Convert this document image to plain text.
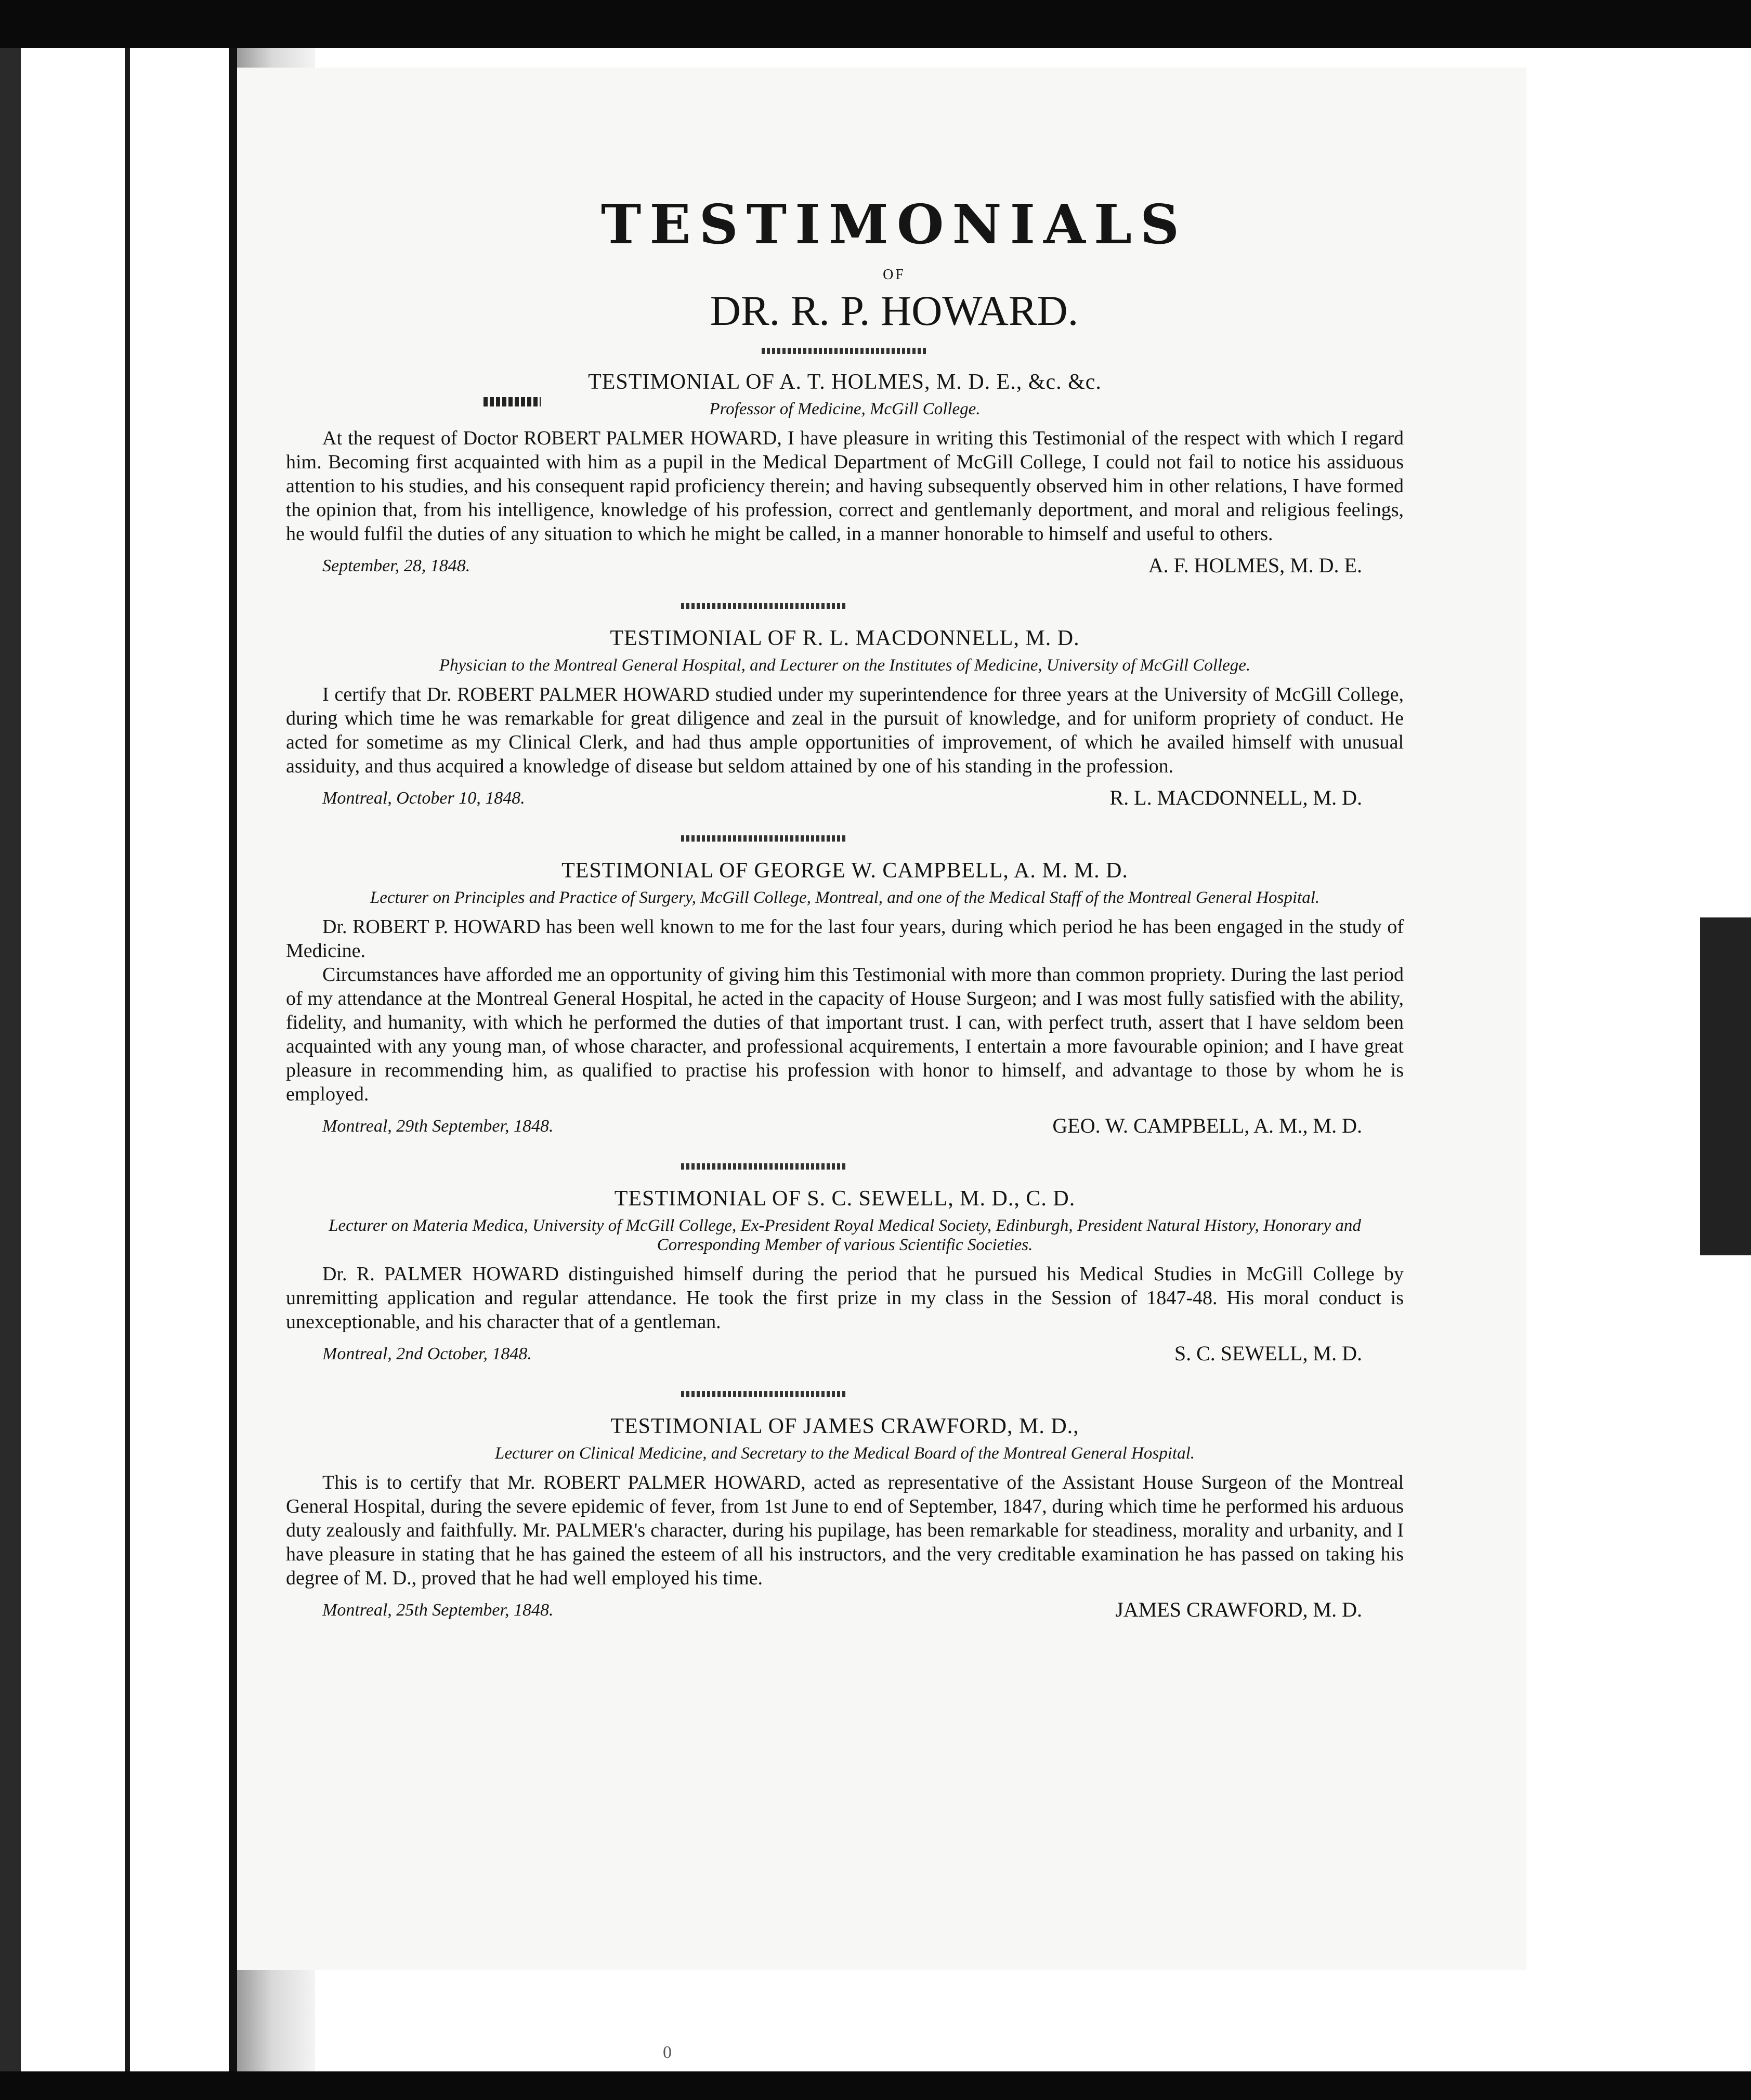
TESTIMONIALS
OF
DR. R. P. HOWARD.
TESTIMONIAL OF A. T. HOLMES, M. D. E., &c. &c.
Professor of Medicine, McGill College.

At the request of Doctor ROBERT PALMER HOWARD, I have pleasure in writing this Testimonial of the respect with which I regard him. Becoming first acquainted with him as a pupil in the Medical Department of McGill College, I could not fail to notice his assiduous attention to his studies, and his consequent rapid proficiency therein; and having subsequently observed him in other relations, I have formed the opinion that, from his intelligence, knowledge of his profession, correct and gentlemanly deportment, and moral and religious feelings, he would fulfil the duties of any situation to which he might be called, in a manner honorable to himself and useful to others.

September, 28, 1848.	A. F. HOLMES, M. D. E.
TESTIMONIAL OF R. L. MACDONNELL, M. D.
Physician to the Montreal General Hospital, and Lecturer on the Institutes of Medicine, University of McGill College.

I certify that Dr. ROBERT PALMER HOWARD studied under my superintendence for three years at the University of McGill College, during which time he was remarkable for great diligence and zeal in the pursuit of knowledge, and for uniform propriety of conduct. He acted for sometime as my Clinical Clerk, and had thus ample opportunities of improvement, of which he availed himself with unusual assiduity, and thus acquired a knowledge of disease but seldom attained by one of his standing in the profession.

Montreal, October 10, 1848.	R. L. MACDONNELL, M. D.
TESTIMONIAL OF GEORGE W. CAMPBELL, A. M. M. D.
Lecturer on Principles and Practice of Surgery, McGill College, Montreal, and one of the Medical Staff of the Montreal General Hospital.

Dr. ROBERT P. HOWARD has been well known to me for the last four years, during which period he has been engaged in the study of Medicine.

Circumstances have afforded me an opportunity of giving him this Testimonial with more than common propriety. During the last period of my attendance at the Montreal General Hospital, he acted in the capacity of House Surgeon; and I was most fully satisfied with the ability, fidelity, and humanity, with which he performed the duties of that important trust. I can, with perfect truth, assert that I have seldom been acquainted with any young man, of whose character, and professional acquirements, I entertain a more favourable opinion; and I have great pleasure in recommending him, as qualified to practise his profession with honor to himself, and advantage to those by whom he is employed.

Montreal, 29th September, 1848.	GEO. W. CAMPBELL, A. M., M. D.
TESTIMONIAL OF S. C. SEWELL, M. D., C. D.
Lecturer on Materia Medica, University of McGill College, Ex-President Royal Medical Society, Edinburgh, President Natural History, Honorary and Corresponding Member of various Scientific Societies.

Dr. R. PALMER HOWARD distinguished himself during the period that he pursued his Medical Studies in McGill College by unremitting application and regular attendance. He took the first prize in my class in the Session of 1847-48. His moral conduct is unexceptionable, and his character that of a gentleman.

Montreal, 2nd October, 1848.	S. C. SEWELL, M. D.
TESTIMONIAL OF JAMES CRAWFORD, M. D.,
Lecturer on Clinical Medicine, and Secretary to the Medical Board of the Montreal General Hospital.

This is to certify that Mr. ROBERT PALMER HOWARD, acted as representative of the Assistant House Surgeon of the Montreal General Hospital, during the severe epidemic of fever, from 1st June to end of September, 1847, during which time he performed his arduous duty zealously and faithfully. Mr. PALMER's character, during his pupilage, has been remarkable for steadiness, morality and urbanity, and I have pleasure in stating that he has gained the esteem of all his instructors, and the very creditable examination he has passed on taking his degree of M. D., proved that he had well employed his time.

Montreal, 25th September, 1848.	JAMES CRAWFORD, M. D.
0
